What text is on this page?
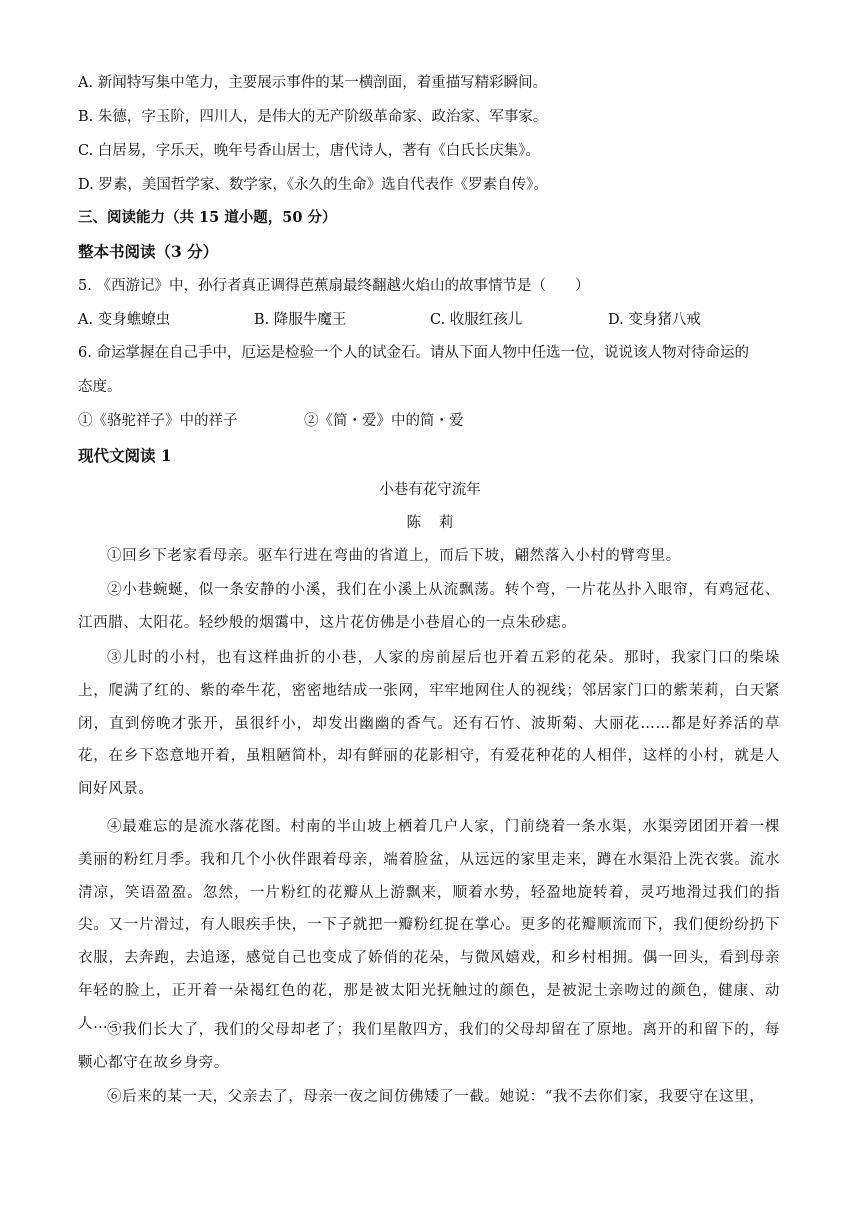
A. 新闻特写集中笔力，主要展示事件的某一横剖面，着重描写精彩瞬间。
B. 朱德，字玉阶，四川人，是伟大的无产阶级革命家、政治家、军事家。
C. 白居易，字乐天，晚年号香山居士，唐代诗人，著有《白氏长庆集》。
D. 罗素，美国哲学家、数学家，《永久的生命》选自代表作《罗素自传》。
三、阅读能力（共 15 道小题，50 分）
整本书阅读（3 分）
5. 《西游记》中，孙行者真正调得芭蕉扇最终翻越火焰山的故事情节是（　　）
A. 变身蟭蟟虫	B. 降服牛魔王	C. 收服红孩儿	D. 变身猪八戒
6. 命运掌握在自己手中，厄运是检验一个人的试金石。请从下面人物中任选一位，说说该人物对待命运的
态度。
①《骆驼祥子》中的祥子	②《简・爱》中的简・爱
现代文阅读 1
小巷有花守流年
陈莉
①回乡下老家看母亲。驱车行进在弯曲的省道上，而后下坡，翩然落入小村的臂弯里。
②小巷蜿蜒，似一条安静的小溪，我们在小溪上从流飘荡。转个弯，一片花丛扑入眼帘，有鸡冠花、江西腊、太阳花。轻纱般的烟霭中，这片花仿佛是小巷眉心的一点朱砂痣。
③儿时的小村，也有这样曲折的小巷，人家的房前屋后也开着五彩的花朵。那时，我家门口的柴垛上，爬满了红的、紫的牵牛花，密密地结成一张网，牢牢地网住人的视线；邻居家门口的紫茉莉，白天紧闭，直到傍晚才张开，虽很纤小，却发出幽幽的香气。还有石竹、波斯菊、大丽花……都是好养活的草花，在乡下恣意地开着，虽粗陋简朴，却有鲜丽的花影相守，有爱花种花的人相伴，这样的小村，就是人间好风景。
④最难忘的是流水落花图。村南的半山坡上栖着几户人家，门前绕着一条水渠，水渠旁团团开着一棵美丽的粉红月季。我和几个小伙伴跟着母亲，端着脸盆，从远远的家里走来，蹲在水渠沿上洗衣裳。流水清凉，笑语盈盈。忽然，一片粉红的花瓣从上游飘来，顺着水势，轻盈地旋转着，灵巧地滑过我们的指尖。又一片滑过，有人眼疾手快，一下子就把一瓣粉红捉在掌心。更多的花瓣顺流而下，我们便纷纷扔下衣服，去奔跑，去追逐，感觉自己也变成了娇俏的花朵，与微风嬉戏，和乡村相拥。偶一回头，看到母亲年轻的脸上，正开着一朵褐红色的花，那是被太阳光抚触过的颜色，是被泥土亲吻过的颜色，健康、动人……
⑤我们长大了，我们的父母却老了；我们星散四方，我们的父母却留在了原地。离开的和留下的，每颗心都守在故乡身旁。
⑥后来的某一天，父亲去了，母亲一夜之间仿佛矮了一截。她说：“我不去你们家，我要守在这里，
